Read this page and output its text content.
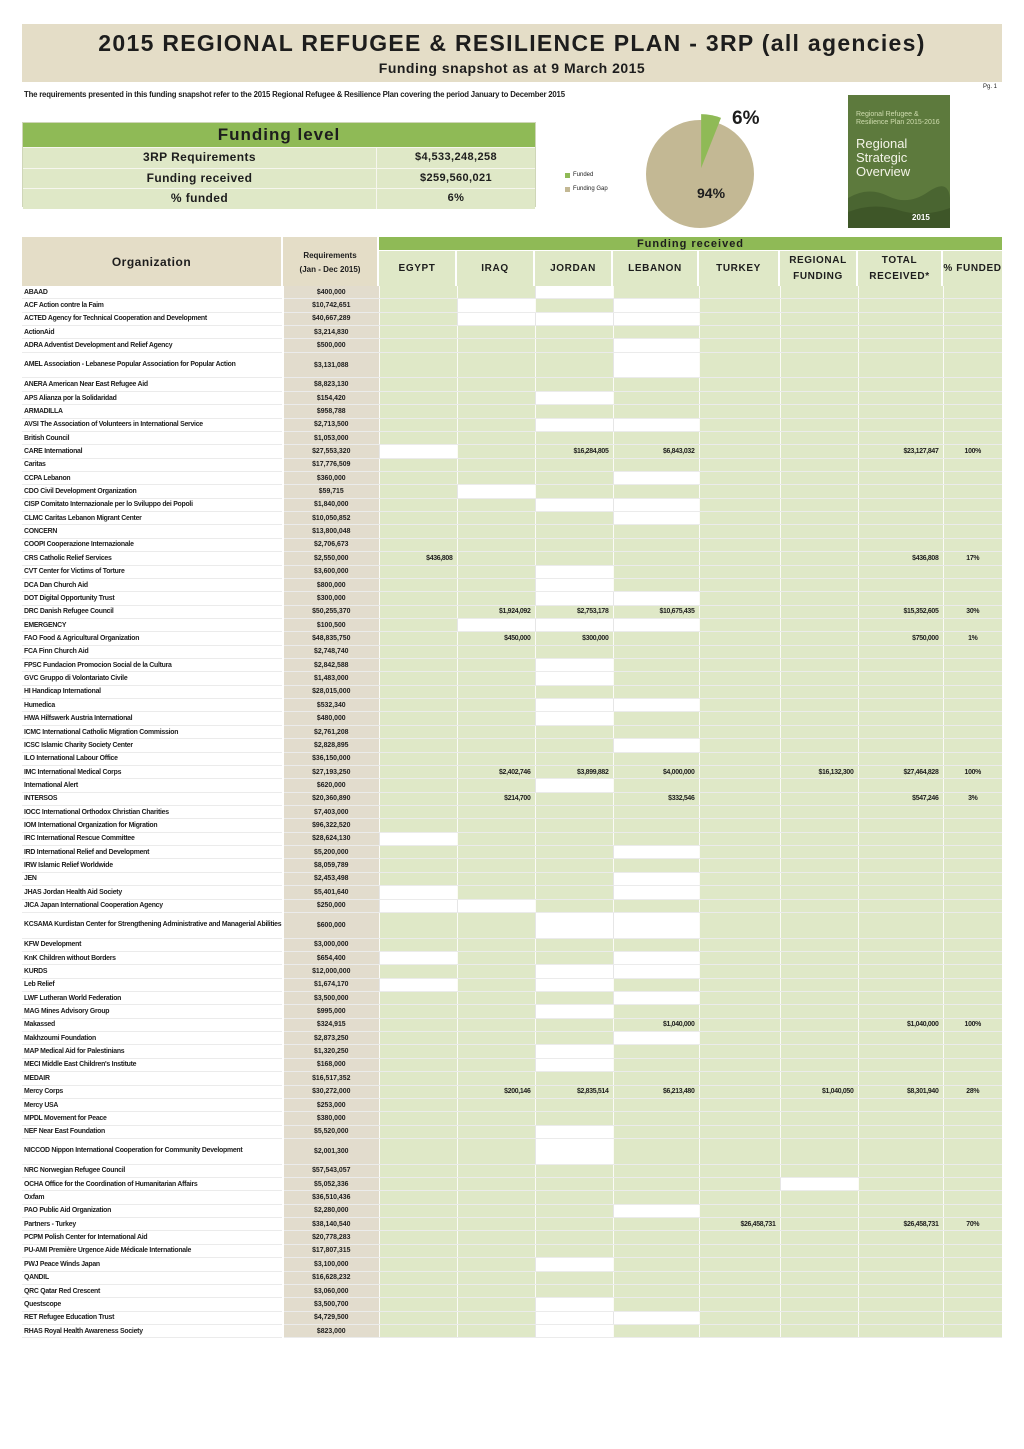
2015 REGIONAL REFUGEE & RESILIENCE PLAN - 3RP (all agencies)
Funding snapshot as at 9 March 2015
The requirements presented in this funding snapshot refer to the 2015 Regional Refugee & Resilience Plan covering the period January to December 2015
Pg. 1
Funding level
3RP Requirements	$4,533,248,258
Funding received	$259,560,021
% funded	6%
Funded
Funding Gap
6%
94%
Regional Refugee & Resilience Plan 2015-2016
Regional Strategic Overview
2015
Organization	Requirements
(Jan - Dec 2015)
Funding received
EGYPT	IRAQ	JORDAN	LEBANON	TURKEY
REGIONAL FUNDING
TOTAL RECEIVED*
% FUNDED
ABAAD	$400,000								
ACF Action contre la Faim	$10,742,651								
ACTED Agency for Technical Cooperation and Development	$40,667,289								
ActionAid	$3,214,830								
ADRA Adventist Development and Relief Agency	$500,000								
AMEL Association - Lebanese Popular Association for Popular Action	$3,131,088								
ANERA American Near East Refugee Aid	$8,823,130								
APS Alianza por la Solidaridad	$154,420								
ARMADILLA	$958,788								
AVSI The Association of Volunteers in International Service	$2,713,500								
British Council	$1,053,000								
CARE International	$27,553,320			$16,284,805	$6,843,032			$23,127,847	100%
Caritas	$17,776,509								
CCPA Lebanon	$360,000								
CDO Civil Development Organization	$59,715								
CISP Comitato Internazionale per lo Sviluppo dei Popoli	$1,840,000								
CLMC Caritas Lebanon Migrant Center	$10,050,852								
CONCERN	$13,800,048								
COOPI Cooperazione Internazionale	$2,706,673								
CRS Catholic Relief Services	$2,550,000	$436,808						$436,808	17%
CVT Center for Victims of Torture	$3,600,000								
DCA Dan Church Aid	$800,000								
DOT Digital Opportunity Trust	$300,000								
DRC Danish Refugee Council	$50,255,370		$1,924,092	$2,753,178	$10,675,435			$15,352,605	30%
EMERGENCY	$100,500								
FAO Food & Agricultural Organization	$48,835,750		$450,000	$300,000				$750,000	1%
FCA Finn Church Aid	$2,748,740								
FPSC Fundacion Promocion Social de la Cultura	$2,842,588								
GVC Gruppo di Volontariato Civile	$1,483,000								
HI Handicap International	$28,015,000								
Humedica	$532,340								
HWA Hilfswerk Austria International	$480,000								
ICMC International Catholic Migration Commission	$2,761,208								
ICSC Islamic Charity Society Center	$2,828,895								
ILO International Labour Office	$36,150,000								
IMC International Medical Corps	$27,193,250		$2,402,746	$3,899,882	$4,000,000		$16,132,300	$27,464,828	100%
International Alert	$620,000								
INTERSOS	$20,360,890		$214,700		$332,546			$547,246	3%
IOCC International Orthodox Christian Charities	$7,403,000								
IOM International Organization for Migration	$96,322,520								
IRC International Rescue Committee	$28,624,130								
IRD International Relief and Development	$5,200,000								
IRW Islamic Relief Worldwide	$8,059,789								
JEN	$2,453,498								
JHAS Jordan Health Aid Society	$5,401,640								
JICA Japan International Cooperation Agency	$250,000								
KCSAMA Kurdistan Center for Strengthening Administrative and Managerial Abilities	$600,000								
KFW Development	$3,000,000								
KnK Children without Borders	$654,400								
KURDS	$12,000,000								
Leb Relief	$1,674,170								
LWF Lutheran World Federation	$3,500,000								
MAG Mines Advisory Group	$995,000								
Makassed	$324,915				$1,040,000			$1,040,000	100%
Makhzoumi Foundation	$2,873,250								
MAP Medical Aid for Palestinians	$1,320,250								
MECI Middle East Children's Institute	$168,000								
MEDAIR	$16,517,352								
Mercy Corps	$30,272,000		$200,146	$2,835,514	$6,213,480		$1,040,050	$8,301,940	28%
Mercy USA	$253,000								
MPDL Movement for Peace	$380,000								
NEF Near East Foundation	$5,520,000								
NICCOD Nippon International Cooperation for Community Development	$2,001,300								
NRC Norwegian Refugee Council	$57,543,057								
OCHA Office for the Coordination of Humanitarian Affairs	$5,052,336								
Oxfam	$36,510,436								
PAO Public Aid Organization	$2,280,000								
Partners - Turkey	$38,140,540					$26,458,731		$26,458,731	70%
PCPM Polish Center for International Aid	$20,778,283								
PU-AMI Première Urgence Aide Médicale Internationale	$17,807,315								
PWJ Peace Winds Japan	$3,100,000								
QANDIL	$16,628,232								
QRC Qatar Red Crescent	$3,060,000								
Questscope	$3,500,700								
RET Refugee Education Trust	$4,729,500								
RHAS Royal Health Awareness Society	$823,000								
